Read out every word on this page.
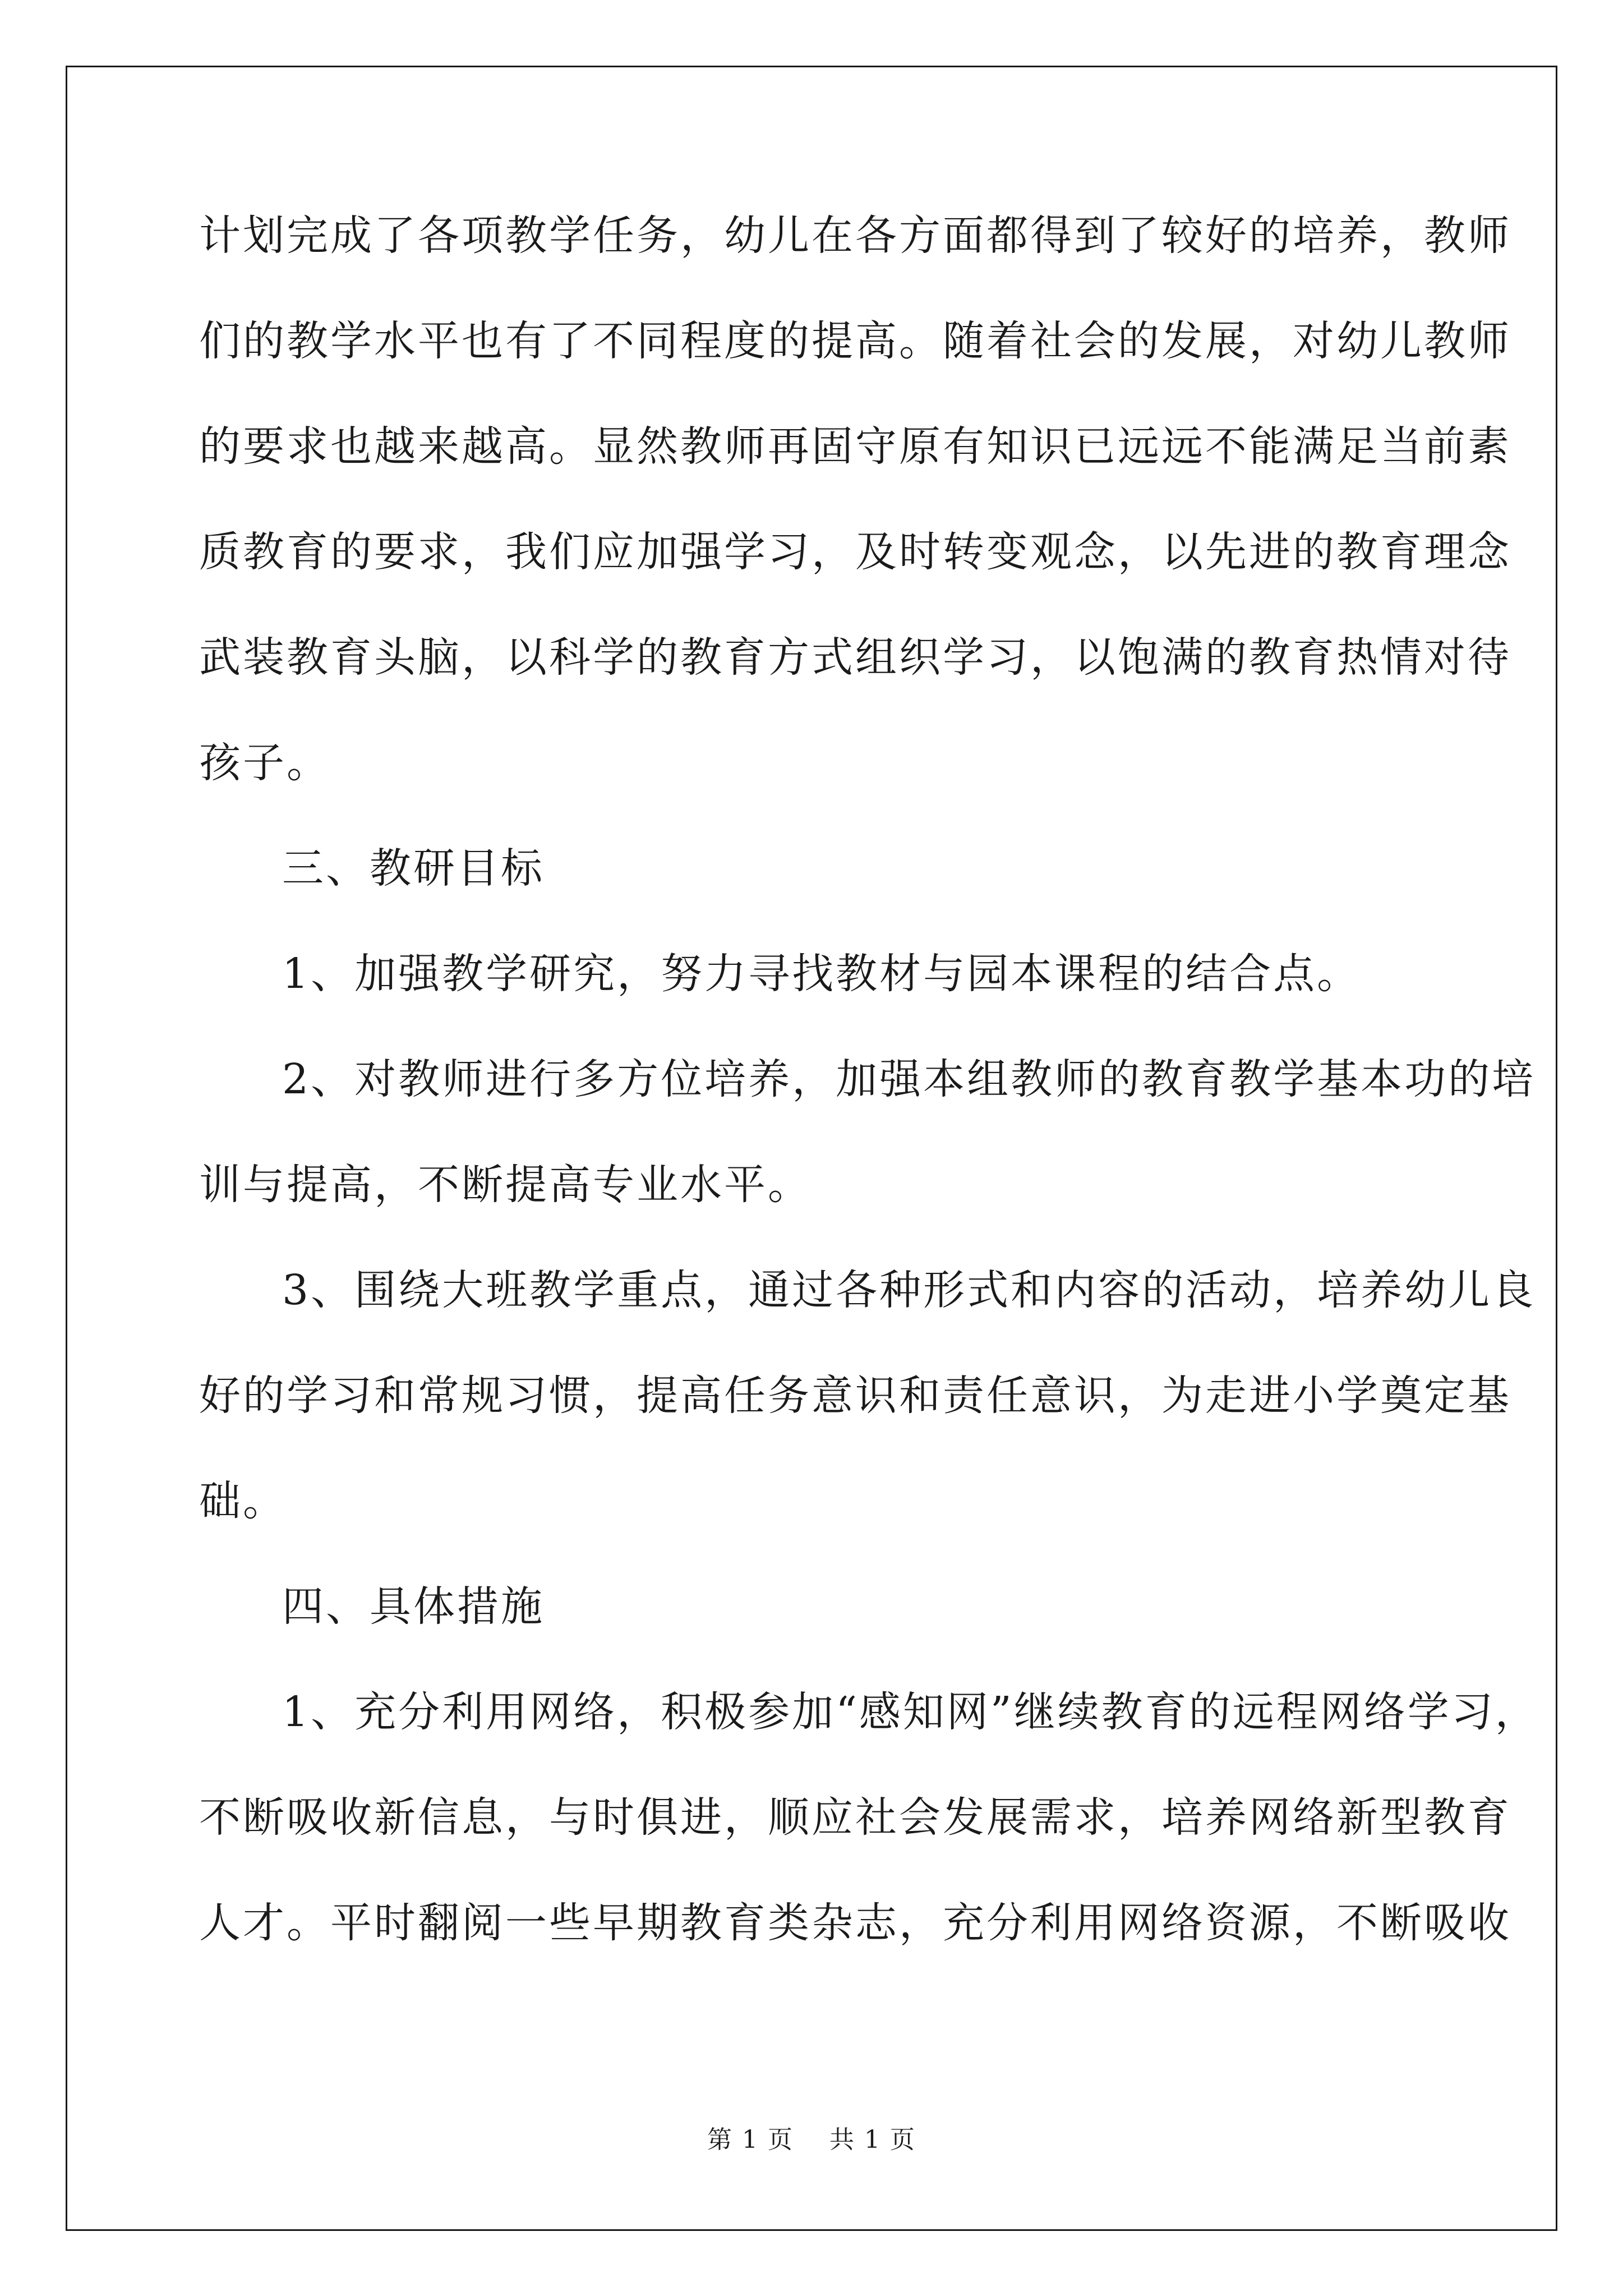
计划完成了各项教学任务，幼儿在各方面都得到了较好的培养，教师
们的教学水平也有了不同程度的提高。随着社会的发展，对幼儿教师
的要求也越来越高。显然教师再固守原有知识已远远不能满足当前素
质教育的要求，我们应加强学习，及时转变观念，以先进的教育理念
武装教育头脑，以科学的教育方式组织学习，以饱满的教育热情对待
孩子。
三、教研目标
1、加强教学研究，努力寻找教材与园本课程的结合点。
2、对教师进行多方位培养，加强本组教师的教育教学基本功的培
训与提高，不断提高专业水平。
3、围绕大班教学重点，通过各种形式和内容的活动，培养幼儿良
好的学习和常规习惯，提高任务意识和责任意识，为走进小学奠定基
础。
四、具体措施
1、充分利用网络，积极参加“感知网”继续教育的远程网络学习，
不断吸收新信息，与时俱进，顺应社会发展需求，培养网络新型教育
人才。平时翻阅一些早期教育类杂志，充分利用网络资源，不断吸收
第 1 页    共 1 页
